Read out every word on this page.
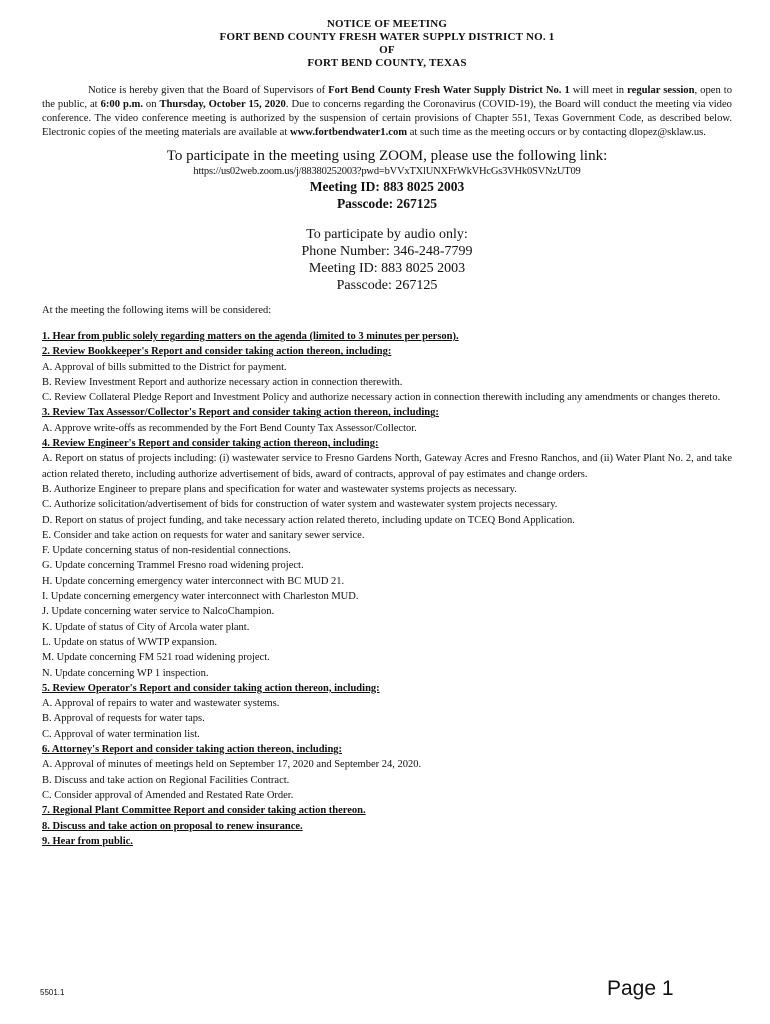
NOTICE OF MEETING
FORT BEND COUNTY FRESH WATER SUPPLY DISTRICT NO. 1
OF
FORT BEND COUNTY, TEXAS
Notice is hereby given that the Board of Supervisors of Fort Bend County Fresh Water Supply District No. 1 will meet in regular session, open to the public, at 6:00 p.m. on Thursday, October 15, 2020. Due to concerns regarding the Coronavirus (COVID-19), the Board will conduct the meeting via video conference. The video conference meeting is authorized by the suspension of certain provisions of Chapter 551, Texas Government Code, as described below. Electronic copies of the meeting materials are available at www.fortbendwater1.com at such time as the meeting occurs or by contacting dlopez@sklaw.us.
To participate in the meeting using ZOOM, please use the following link:
https://us02web.zoom.us/j/88380252003?pwd=bVVxTXlUNXFrWkVHcGs3VHk0SVNzUT09
Meeting ID: 883 8025 2003
Passcode: 267125
To participate by audio only:
Phone Number: 346-248-7799
Meeting ID: 883 8025 2003
Passcode: 267125
At the meeting the following items will be considered:
1. Hear from public solely regarding matters on the agenda (limited to 3 minutes per person).
2. Review Bookkeeper's Report and consider taking action thereon, including:
A. Approval of bills submitted to the District for payment.
B. Review Investment Report and authorize necessary action in connection therewith.
C. Review Collateral Pledge Report and Investment Policy and authorize necessary action in connection therewith including any amendments or changes thereto.
3. Review Tax Assessor/Collector's Report and consider taking action thereon, including:
A. Approve write-offs as recommended by the Fort Bend County Tax Assessor/Collector.
4. Review Engineer's Report and consider taking action thereon, including:
A. Report on status of projects including: (i) wastewater service to Fresno Gardens North, Gateway Acres and Fresno Ranchos, and (ii) Water Plant No. 2, and take action related thereto, including authorize advertisement of bids, award of contracts, approval of pay estimates and change orders.
B. Authorize Engineer to prepare plans and specification for water and wastewater systems projects as necessary.
C. Authorize solicitation/advertisement of bids for construction of water system and wastewater system projects necessary.
D. Report on status of project funding, and take necessary action related thereto, including update on TCEQ Bond Application.
E. Consider and take action on requests for water and sanitary sewer service.
F. Update concerning status of non-residential connections.
G. Update concerning Trammel Fresno road widening project.
H. Update concerning emergency water interconnect with BC MUD 21.
I. Update concerning emergency water interconnect with Charleston MUD.
J. Update concerning water service to NalcoChampion.
K. Update of status of City of Arcola water plant.
L. Update on status of WWTP expansion.
M. Update concerning FM 521 road widening project.
N. Update concerning WP 1 inspection.
5. Review Operator's Report and consider taking action thereon, including:
A. Approval of repairs to water and wastewater systems.
B. Approval of requests for water taps.
C. Approval of water termination list.
6. Attorney's Report and consider taking action thereon, including:
A. Approval of minutes of meetings held on September 17, 2020 and September 24, 2020.
B. Discuss and take action on Regional Facilities Contract.
C. Consider approval of Amended and Restated Rate Order.
7. Regional Plant Committee Report and consider taking action thereon.
8. Discuss and take action on proposal to renew insurance.
9. Hear from public.
5501.1	Page 1
